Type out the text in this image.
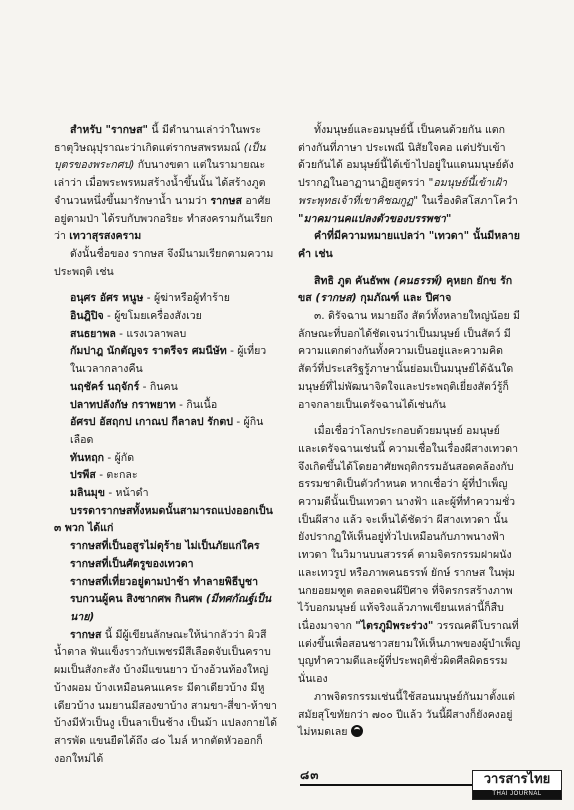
สำหรับ "รากษส" นี้ มีตำนานเล่าว่าในพระธาตุวิษณุปุราณะว่าเกิดแต่รากษสพรหมณ์ (เป็นบุตรของพระกศป) กับนางขตา แต่ในรามายณะ เล่าว่า เมื่อพระพรหมสร้างน้ำขึ้นนั้น ได้สร้างภูตจำนวนหนึ่งขึ้นมารักษาน้ำ นามว่า รากษส อาศัยอยู่ตามป่า ได้รบกับพวกอริยะ ทำสงครามกันเรียกว่า เทวาสุรสงคราม

ดังนั้นชื่อของ รากษส จึงมีนามเรียกตามความประพฤติ เช่น

อนุศร อัศร หนูษ - ผู้ฆ่าหรือผู้ทำร้าย

อินฎิปิจ - ผู้ขโมยเครื่องสังเวย

สนธยาพล - แรงเวลาพลบ

กัมปาฎ นักตัญจร ราตรีจร ศมนีษัท - ผู้เที่ยวในเวลากลางคืน

นฤชัคร์ นฤจักร์ - กินคน

ปลาทปลังกัษ กราพยาท - กินเนื้อ

อัศรป อัสฤกป เกาณป กีลาลป รักตป - ผู้กินเลือด

ทันหฤก - ผู้กัด

ปรพีส - ตะกละ

มลินมุข - หน้าดำ

บรรดารากษสทั้งหมดนั้นสามารถแบ่งออกเป็น ๓ พวก ได้แก่

รากษสที่เป็นอสูรไม่ดุร้าย ไม่เป็นภัยแก่ใคร

รากษสที่เป็นศัตรูของเทวดา

รากษสที่เที่ยวอยู่ตามป่าช้า ทำลายพิธีบูชารบกวนผู้คน สิงซากศพ กินศพ (มีทศกัณฐ์เป็นนาย)

รากษส นี้ มีผู้เขียนลักษณะให้น่ากลัวว่า ผิวสีน้ำตาล ฟันแข็งราวกับเพชรมีสีเลือดจับเป็นคราบผมเป็นสังกะสัง บ้างมีแขนยาว บ้างอ้วนท้องใหญ่ บ้างผอม บ้างเหมือนคนแคระ มีตาเดียวบ้าง มีหูเดียวบ้าง นมยานมีสองขาบ้าง สามขา-สี่ขา-ห้าขา บ้างมีหัวเป็นงู เป็นลาเป็นช้าง เป็นม้า แปลงกายได้สารพัด แขนยืดได้ถึง ๘๐ ไมล์ หากตัดหัวออกก็งอกใหม่ได้

ทั้งมนุษย์และอมนุษย์นี้ เป็นคนด้วยกัน แตกต่างกันที่ภาษา ประเพณี นิสัยใจคอ แต่ปรับเข้าด้วยกันได้ อมนุษย์นี้ได้เข้าไปอยู่ในแดนมนุษย์ดังปรากฏในอาฏานาฏิยสูตรว่า "อมนุษย์นี้เข้าเฝ้าพระพุทธเจ้าที่เขาคิชฌกูฏ" ในเรื่องดิสโสภาโควำ "มาคมานคแปลงตัวของบรรพชา"

คำที่มีความหมายแปลว่า "เทวดา" นั้นมีหลายคำ เช่น

สิทธิ ภูต คันธัพพ (คนธรรพ์) คุหยก ยักข รักขส (รากษส) กุมภัณฑ์ และ ปีศาจ

๓. ดิรัจฉาน หมายถึง สัตว์ทั้งหลายใหญ่น้อย มีลักษณะที่บอกได้ชัดเจนว่าเป็นมนุษย์ เป็นสัตว์ มีความแตกต่างกันทั้งความเป็นอยู่และความคิด สัตว์ที่ประเสริฐรู้ภาษานั้นย่อมเป็นมนุษย์ได้ฉันใด มนุษย์ที่ไม่พัฒนาจิตใจและประพฤติเยี่ยงสัตว์รู้ก็อาจกลายเป็นเดรัจฉานได้เช่นกัน

เมื่อเชื่อว่าโลกประกอบด้วยมนุษย์ อมนุษย์ และเดรัจฉานเช่นนี้ ความเชื่อในเรื่องผีสางเทวดา จึงเกิดขึ้นได้โดยอาศัยพฤติกรรมอันสอดคล้องกับธรรมชาติเป็นตัวกำหนด หากเชื่อว่า ผู้ที่บำเพ็ญความดีนั้นเป็นเทวดา นางฟ้า และผู้ที่ทำความชั่ว เป็นผีสาง แล้ว จะเห็นได้ชัดว่า ผีสางเทวดา นั้น ยังปรากฏให้เห็นอยู่ทั่วไปเหมือนกับภาพนางฟ้า เทวดา ในวิมานบนสวรรค์ ตามจิตรกรรมฝาผนังและเทวรูป หรือภาพคนธรรพ์ ยักษ์ รากษส ในพุ่มนกยอยมฑูต ตลอดจนผีปีศาจ ที่จิตรกรสร้างภาพไว้บอกมนุษย์ แท้จริงแล้วภาพเขียนเหล่านี้ก็สืบเนื่องมาจาก "ไตรภูมิพระร่วง" วรรณคดีโบราณที่แต่งขึ้นเพื่อสอนชาวสยามให้เห็นภาพของผู้บำเพ็ญบุญทำความดีและผู้ที่ประพฤติชั่วผิดศีลผิดธรรมนั่นเอง

ภาพจิตรกรรมเช่นนี้ใช้สอนมนุษย์กันมาตั้งแต่สมัยสุโขทัยกว่า ๗๐๐ ปีแล้ว วันนี้ผีสางก็ยังคงอยู่ไม่หมดเลย

๘๓	วารสารไทย
THAI JOURNAL
